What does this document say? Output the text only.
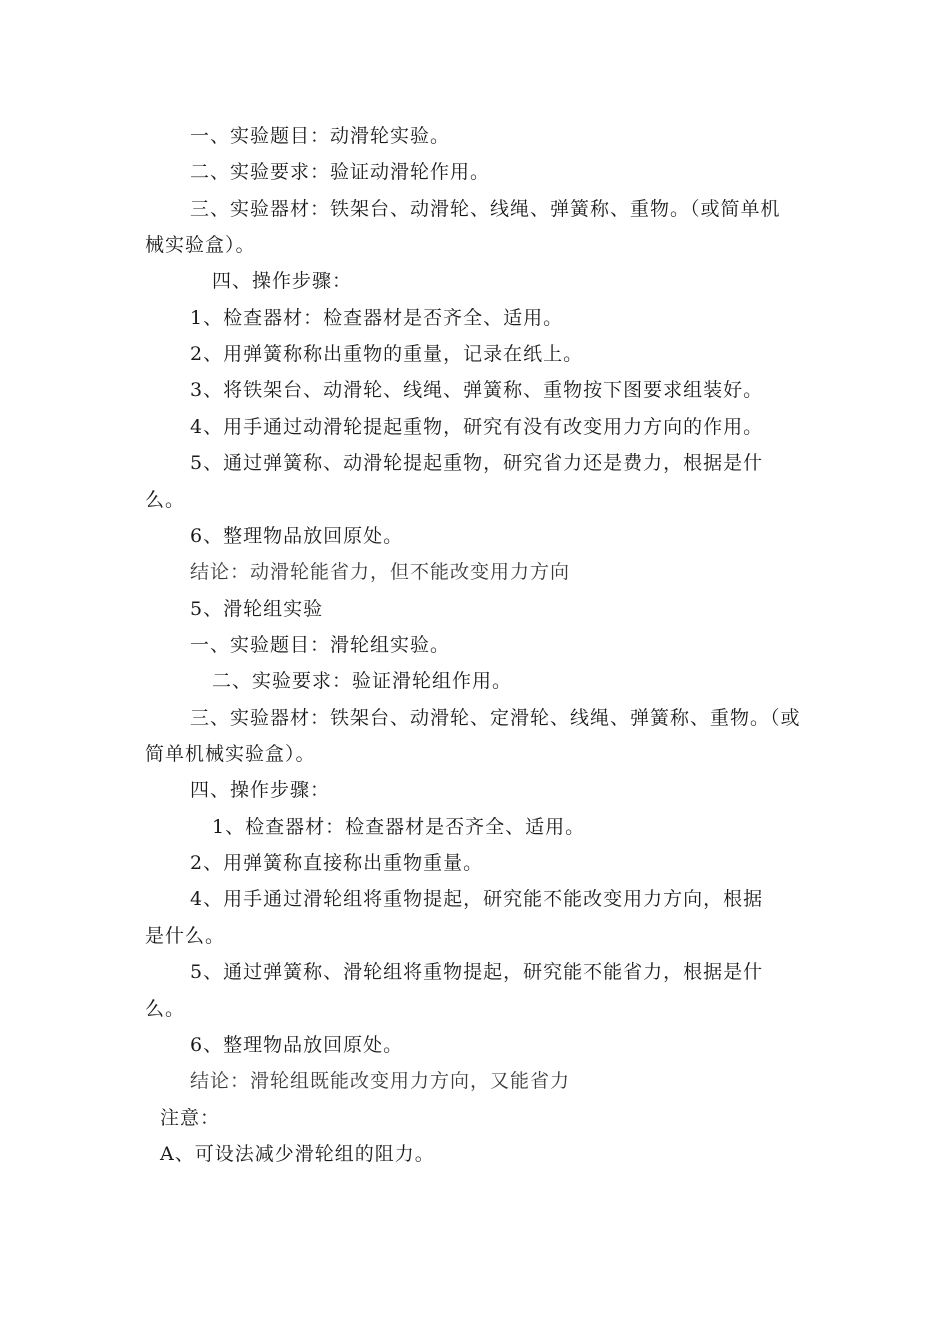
一、实验题目：动滑轮实验。
二、实验要求：验证动滑轮作用。
三、实验器材：铁架台、动滑轮、线绳、弹簧称、重物。（或简单机
械实验盒）。
四、操作步骤：
1、检查器材：检查器材是否齐全、适用。
2、用弹簧称称出重物的重量，记录在纸上。
3、将铁架台、动滑轮、线绳、弹簧称、重物按下图要求组装好。
4、用手通过动滑轮提起重物，研究有没有改变用力方向的作用。
5、通过弹簧称、动滑轮提起重物，研究省力还是费力，根据是什
么。
6、整理物品放回原处。
结论：动滑轮能省力，但不能改变用力方向
5、滑轮组实验
一、实验题目：滑轮组实验。
二、实验要求：验证滑轮组作用。
三、实验器材：铁架台、动滑轮、定滑轮、线绳、弹簧称、重物。（或
简单机械实验盒）。
四、操作步骤：
1、检查器材：检查器材是否齐全、适用。
2、用弹簧称直接称出重物重量。
4、用手通过滑轮组将重物提起，研究能不能改变用力方向，根据
是什么。
5、通过弹簧称、滑轮组将重物提起，研究能不能省力，根据是什
么。
6、整理物品放回原处。
结论：滑轮组既能改变用力方向，又能省力
注意：
A、可设法减少滑轮组的阻力。
